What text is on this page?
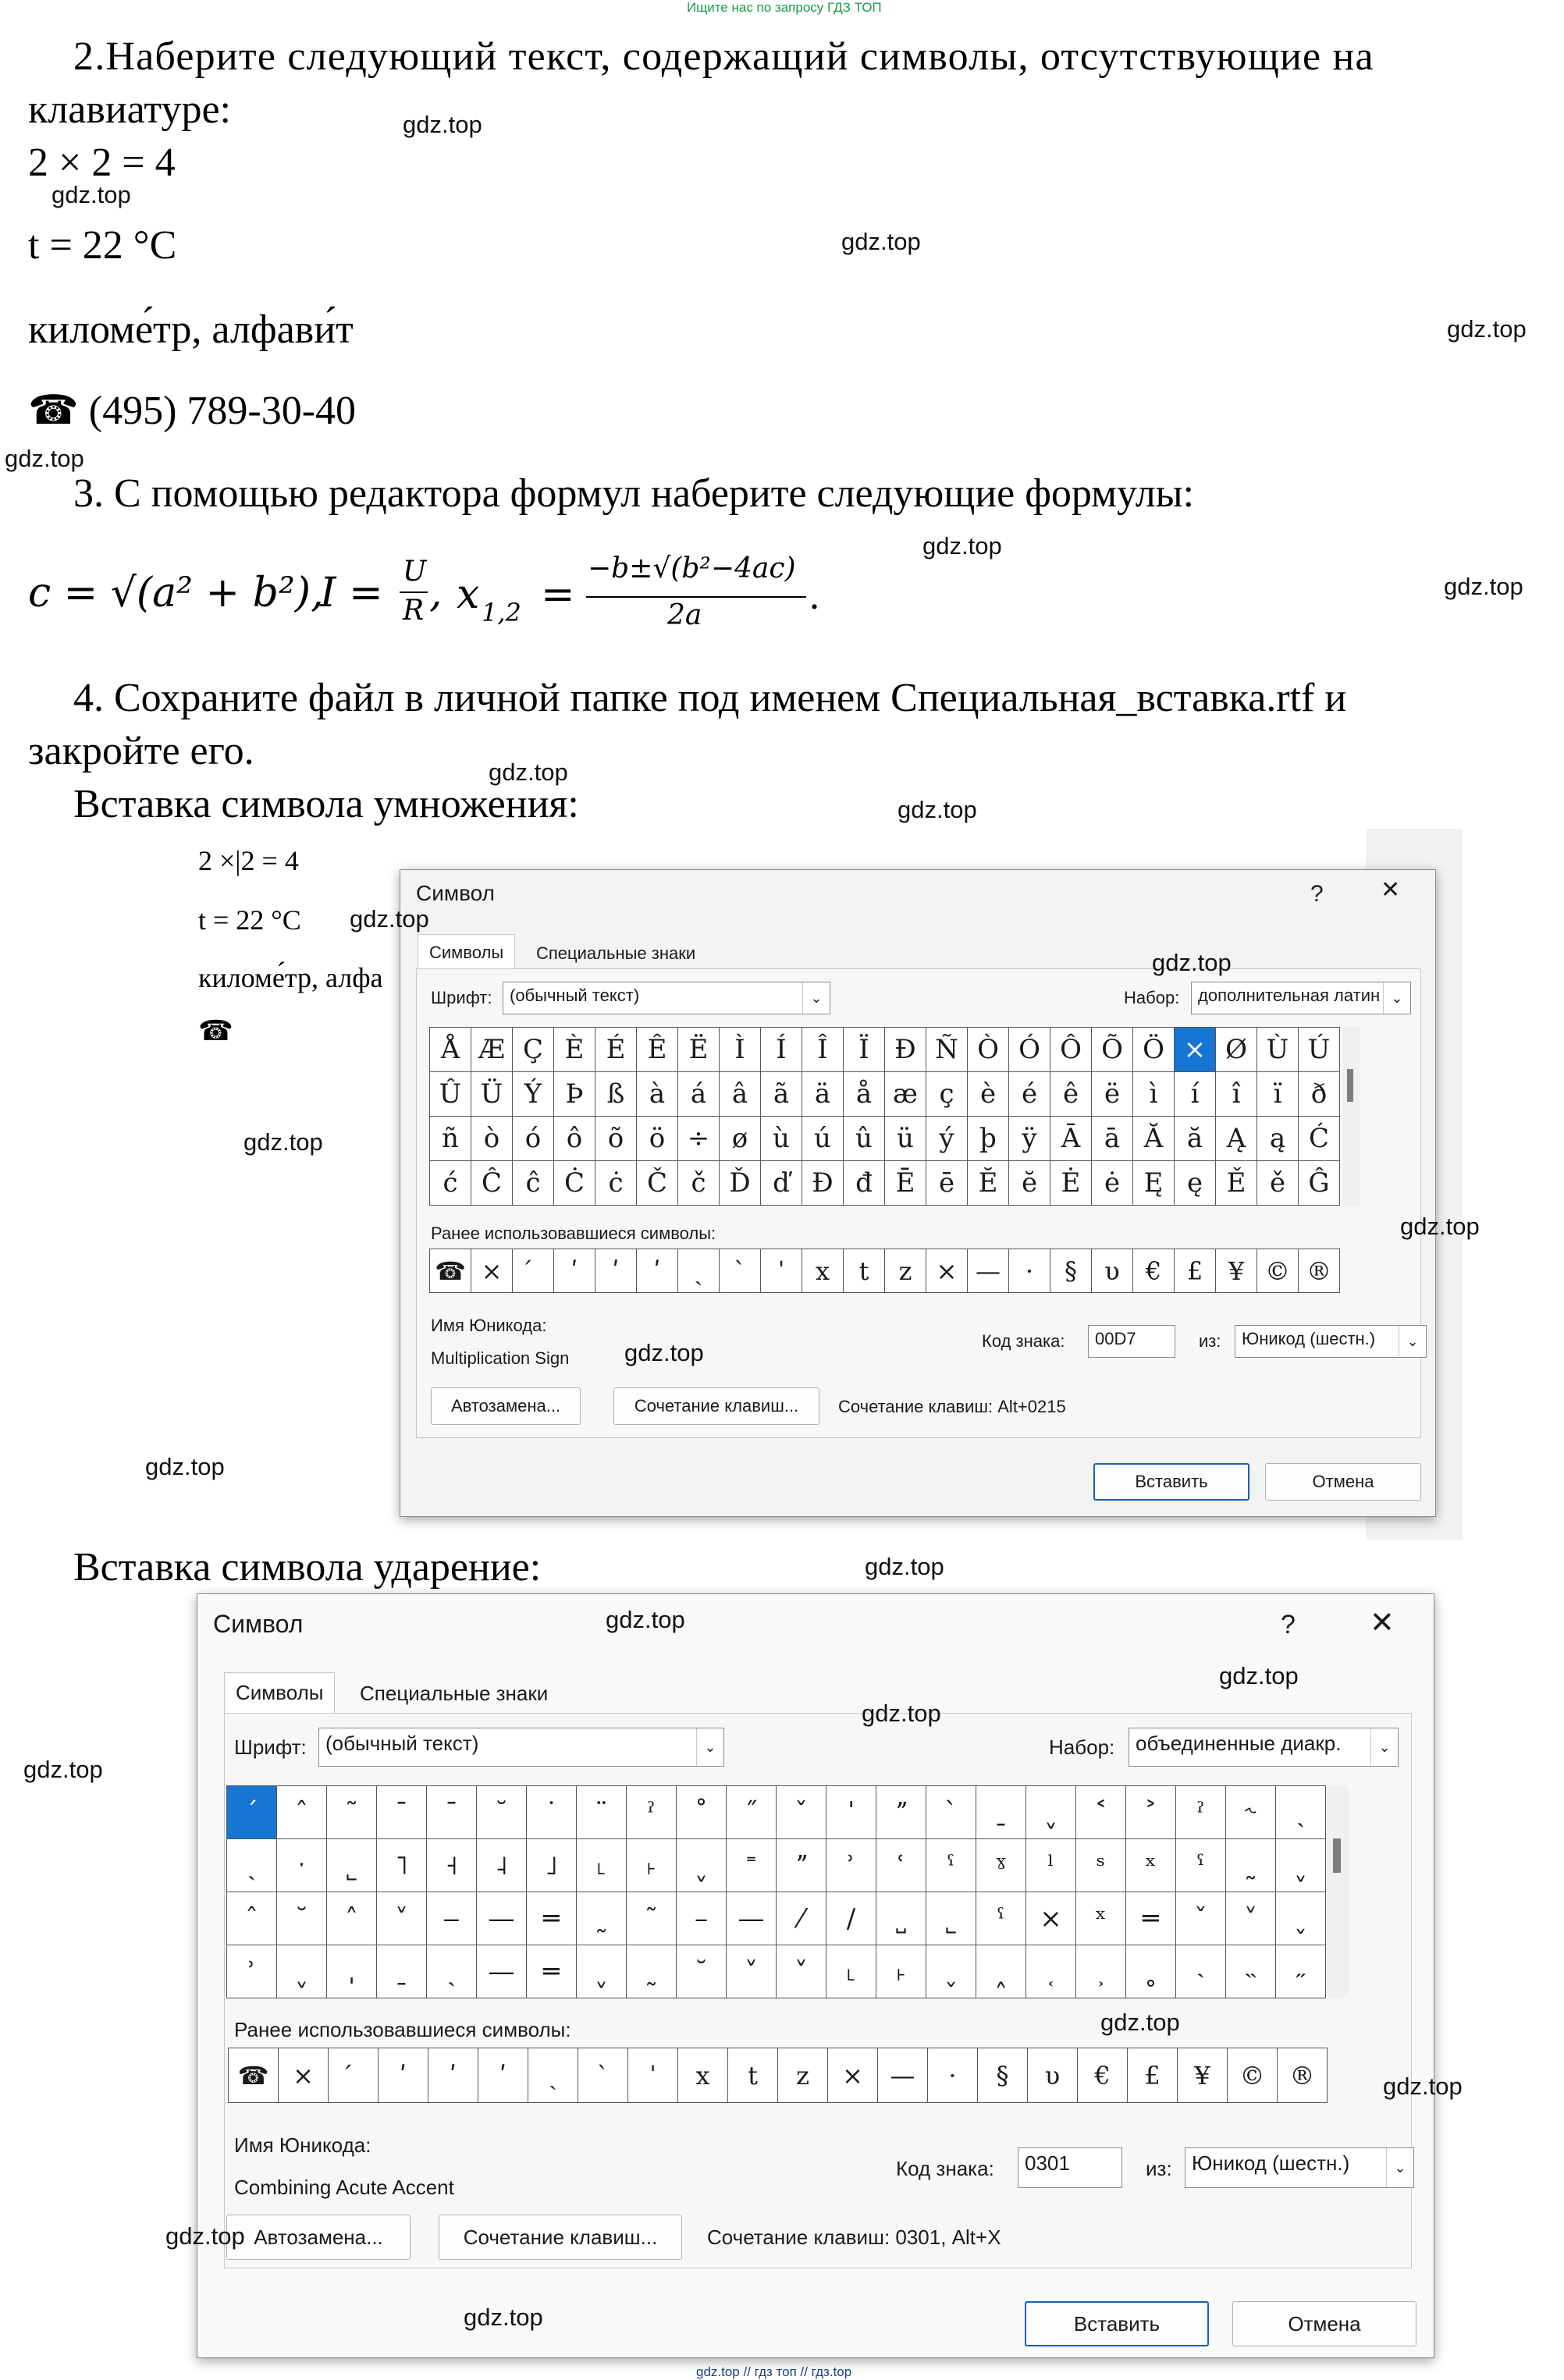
Ищите нас по запросу ГДЗ ТОП
2.Наберите следующий текст, содержащий символы, отсутствующие на
клавиатуре:
2 × 2 = 4
t = 22 °C
киломе́тр, алфави́т
☎ (495) 789-30-40
3. С помощью редактора формул наберите следующие формулы:
c = √(a² + b²),
I = U
R , x 1,2 =
−b±√(b²−4ac)
2a	.
4. Сохраните файл в личной папке под именем Специальная_вставка.rtf и
закройте его.
Вставка символа умножения:
2 ×|2 = 4
t = 22 °C
киломе́тр, алфа
☎
Символ	? ✕
Символы	Специальные знаки
Шрифт:	(обычный текст)	⌄	Набор:	дополнительная латин ⌄
Å Æ Ç È É Ê Ë Ì	Í	Î	Ï Ð Ñ Ò Ó Ô Õ Ö × Ø Ù Ú
Û Ü Ý Þ ß à á â ã ä å æ ç è é ê ë	ì	í	î	ï	ð
ñ ò ó ô õ ö ÷ ø ù ú û ü ý þ ÿ Ā ā Ă ă Ą ą Ć
ć Ĉ ĉ Ċ ċ Č č Ď ď Đ đ Ē ē Ĕ ĕ Ė ė Ę ę Ě ě Ĝ
Ранее использовавшиеся символы:
☎ ×	ʹ	ʹ	ʹ	ˏ	ˋ	ˈ	x	t	z × — ·	§	υ	€	£	¥ © ®
Имя Юникода:
Multiplication Sign
Код знака:	00D7	из:	Юникод (шестн.)	⌄
Автозамена...	Сочетание клавиш...	Сочетание клавиш: Alt+0215
Вставить	Отмена
Вставка символа ударение:
Символ	?	✕
Символы	Специальные знаки
Шрифт: (обычный текст)	⌄	Набор:	объединенные диакр.	⌄
ˊ	ˆ	˜	ˉ	¯	˘	˙	¨	ˀ	˚	˝	ˇ	ˈ	ˮ	ˋ	ˍ	ˬ	˂	˃	ˀ	˞	ˏ
ˎ	ˑ	˾	˥	˧	˨	˩	˪	˫	ˬ	˭	ˮ	ʾ	ʿ	ˁ	ˠ	ˡ	ˢ	ˣ	ˤ	˷	ˬ
ˆ	˘	˄	˅	‒	—	═	˷	˜	–	—	⁄	∕	˽	˾	ˁ	×	ˣ	═	ˇ	˅	˯
ʾ	ˬ	ˌ	ˍ	ˏ	—	═	ˬ	˷	˘	˅	˅	˪	˫	˯	˰	˱	˲	˳	˴	˵	˶
Ранее использовавшиеся символы:
☎ ×	ʹ	ʹ	ʹ	ˏ	ˋ	ˈ	x	t	z	×	—	·	§	υ	€	£	¥	©	®
Имя Юникода:
Combining Acute Accent
Код знака:	0301	из: Юникод (шестн.)	⌄
Автозамена...	Сочетание клавиш...	Сочетание клавиш: 0301, Alt+X
Вставить	Отмена
gdz.top
gdz.top
gdz.top
gdz.top
gdz.top
gdz.top
gdz.top
gdz.top
gdz.top
gdz.top
gdz.top
gdz.top
gdz.top
gdz.top
gdz.top
gdz.top
gdz.top
gdz.top
gdz.top
gdz.top
gdz.top
gdz.top
gdz.top
gdz.top
gdz.top // гдз топ // гдз.top
